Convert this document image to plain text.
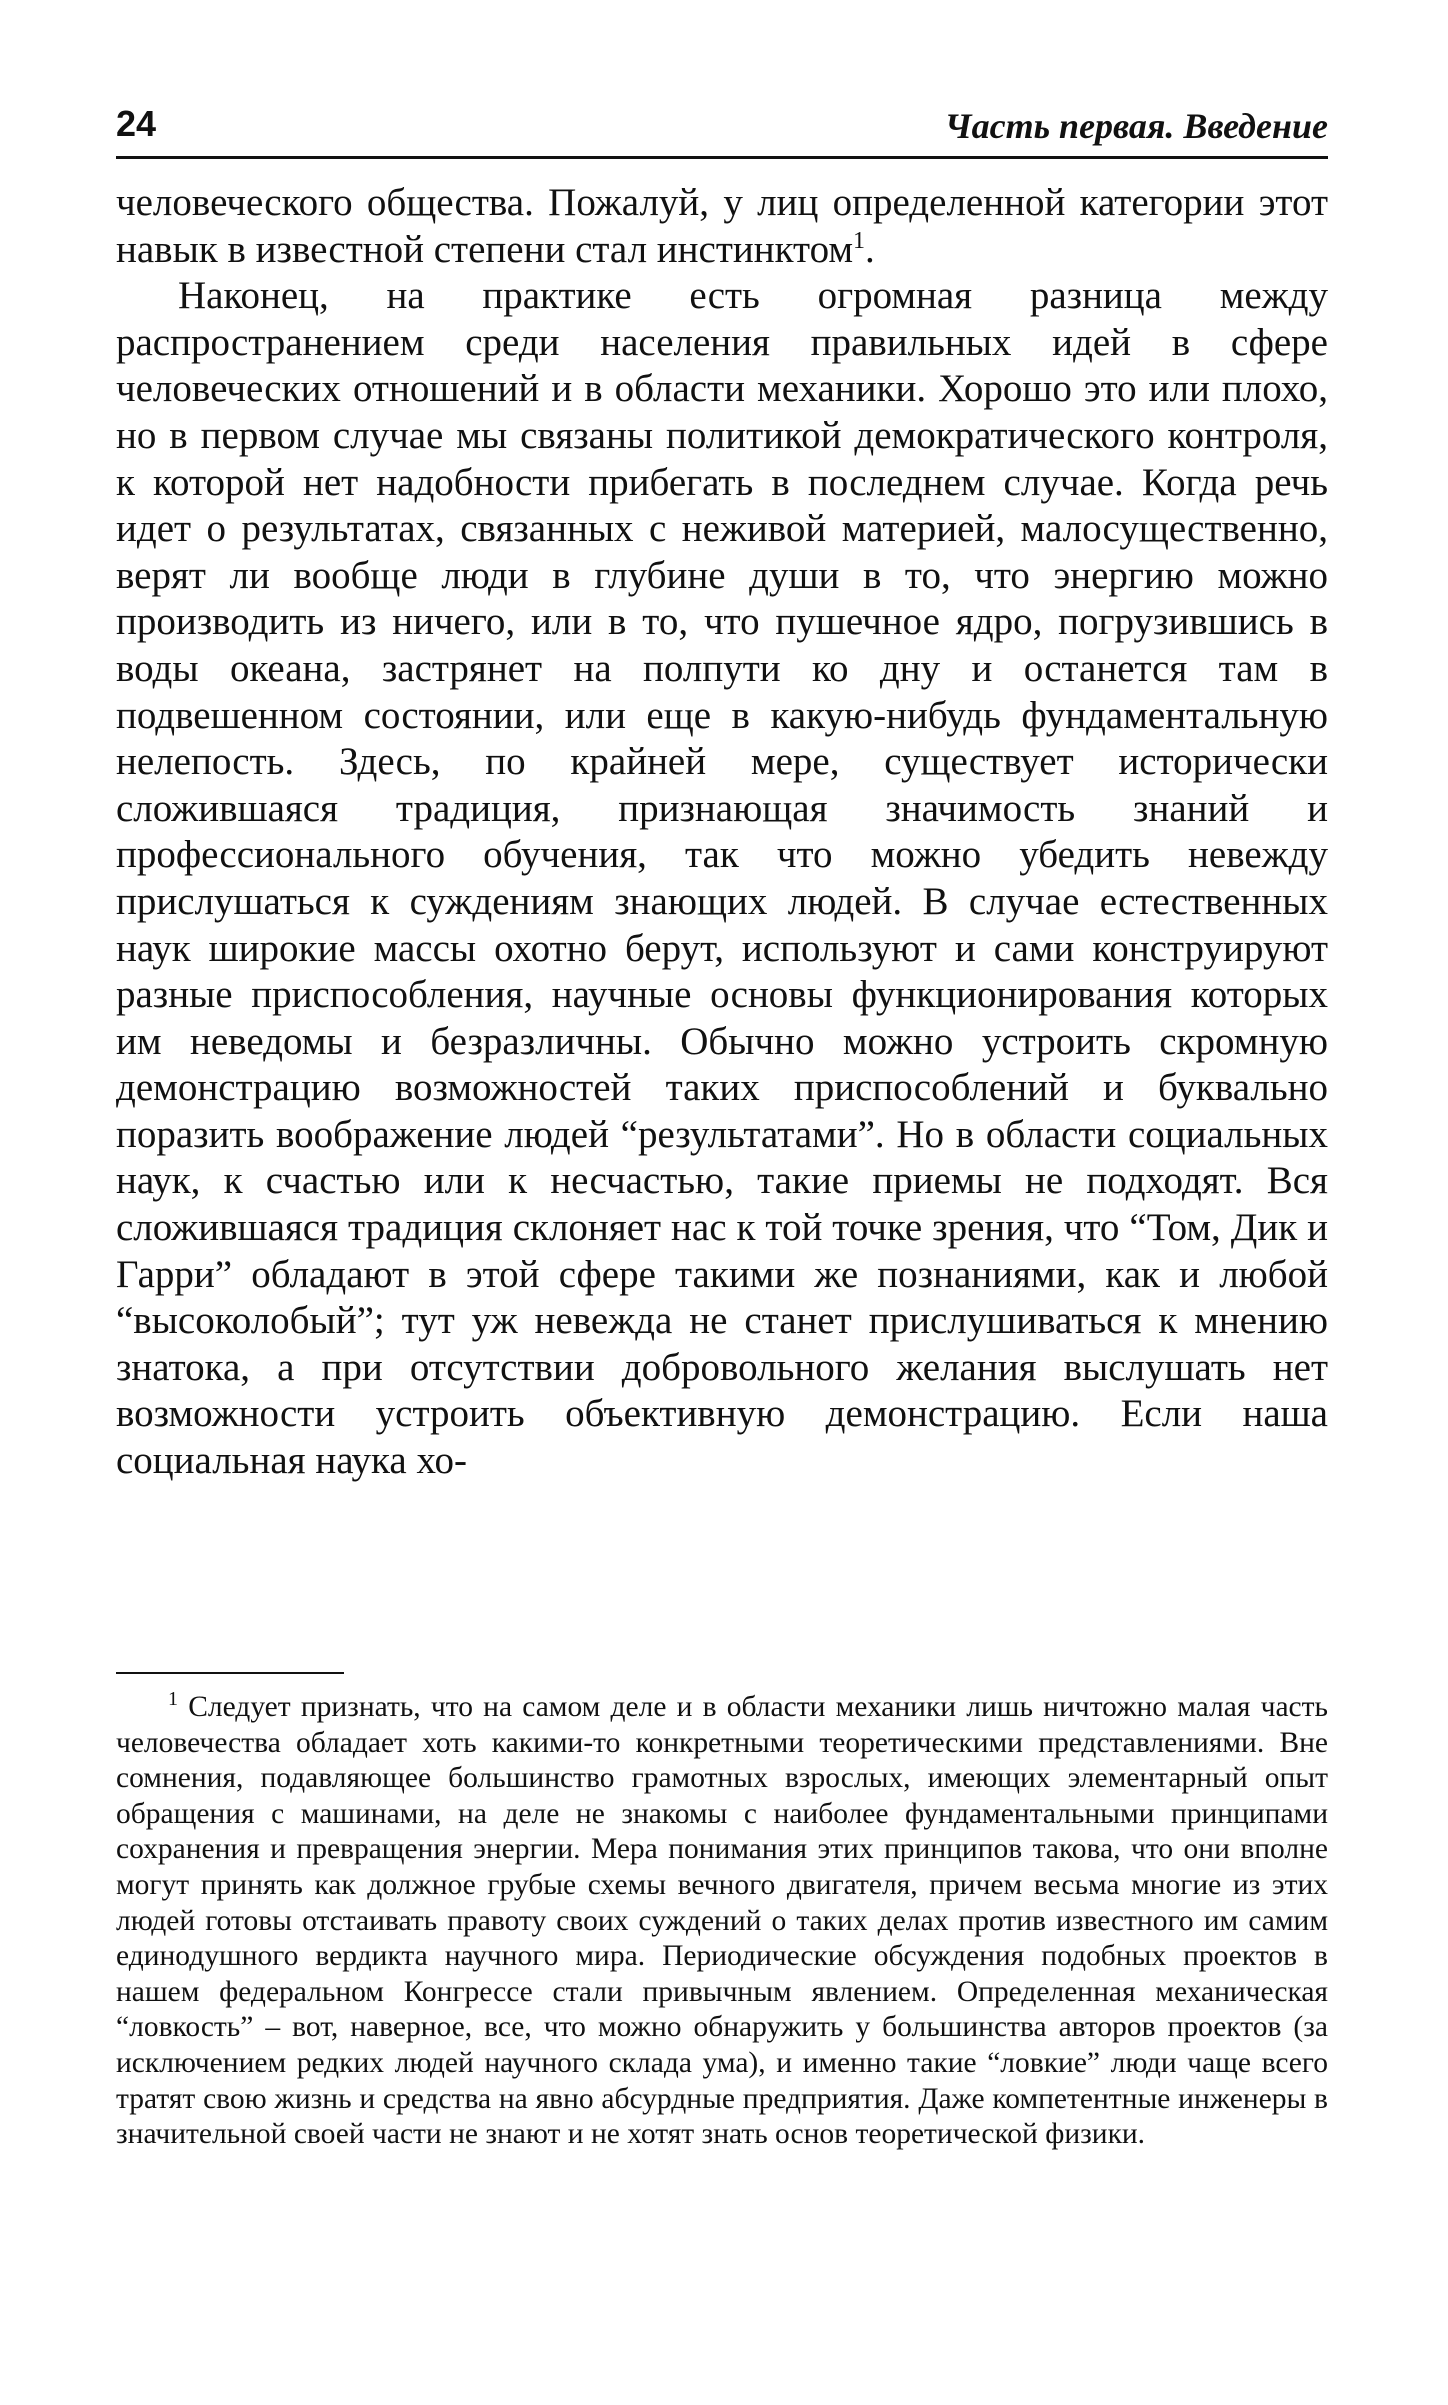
24	Часть первая. Введение

человеческого общества. Пожалуй, у лиц определенной категории этот навык в известной степени стал инстинктом$^1$.

Наконец, на практике есть огромная разница между распространением среди населения правильных идей в сфере человеческих отношений и в области механики. Хорошо это или плохо, но в первом случае мы связаны политикой демократического контроля, к которой нет надобности прибегать в последнем случае. Когда речь идет о результатах, связанных с неживой материей, малосущественно, верят ли вообще люди в глубине души в то, что энергию можно производить из ничего, или в то, что пушечное ядро, погрузившись в воды океана, застрянет на полпути ко дну и останется там в подвешенном состоянии, или еще в какую-нибудь фундаментальную нелепость. Здесь, по крайней мере, существует исторически сложившаяся традиция, признающая значимость знаний и профессионального обучения, так что можно убедить невежду прислушаться к суждениям знающих людей. В случае естественных наук широкие массы охотно берут, используют и сами конструируют разные приспособления, научные основы функционирования которых им неведомы и безразличны. Обычно можно устроить скромную демонстрацию возможностей таких приспособлений и буквально поразить воображение людей “результатами”. Но в области социальных наук, к счастью или к несчастью, такие приемы не подходят. Вся сложившаяся традиция склоняет нас к той точке зрения, что “Том, Дик и Гарри” обладают в этой сфере такими же познаниями, как и любой “высоколобый”; тут уж невежда не станет прислушиваться к мнению знатока, а при отсутствии добровольного желания выслушать нет возможности устроить объективную демонстрацию. Если наша социальная наука хо-

$^1$ Следует признать, что на самом деле и в области механики лишь ничтожно малая часть человечества обладает хоть какими-то конкретными теоретическими представлениями. Вне сомнения, подавляющее большинство грамотных взрослых, имеющих элементарный опыт обращения с машинами, на деле не знакомы с наиболее фундаментальными принципами сохранения и превращения энергии. Мера понимания этих принципов такова, что они вполне могут принять как должное грубые схемы вечного двигателя, причем весьма многие из этих людей готовы отстаивать правоту своих суждений о таких делах против известного им самим единодушного вердикта научного мира. Периодические обсуждения подобных проектов в нашем федеральном Конгрессе стали привычным явлением. Определенная механическая “ловкость” – вот, наверное, все, что можно обнаружить у большинства авторов проектов (за исключением редких людей научного склада ума), и именно такие “ловкие” люди чаще всего тратят свою жизнь и средства на явно абсурдные предприятия. Даже компетентные инженеры в значительной своей части не знают и не хотят знать основ теоретической физики.
